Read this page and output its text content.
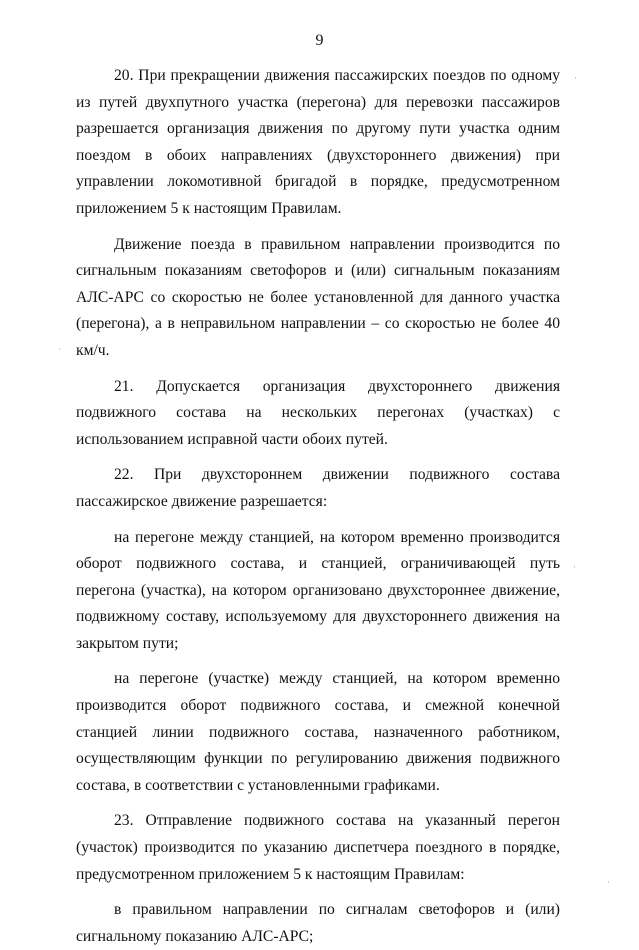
9

20. При прекращении движения пассажирских поездов по одному из путей двухпутного участка (перегона) для перевозки пассажиров разрешается организация движения по другому пути участка одним поездом в обоих направлениях (двухстороннего движения) при управлении локомотивной бригадой в порядке, предусмотренном приложением 5 к настоящим Правилам.

Движение поезда в правильном направлении производится по сигнальным показаниям светофоров и (или) сигнальным показаниям АЛС-АРС со скоростью не более установленной для данного участка (перегона), а в неправильном направлении – со скоростью не более 40 км/ч.

21. Допускается организация двухстороннего движения подвижного состава на нескольких перегонах (участках) с использованием исправной части обоих путей.

22. При двухстороннем движении подвижного состава пассажирское движение разрешается:

на перегоне между станцией, на котором временно производится оборот подвижного состава, и станцией, ограничивающей путь перегона (участка), на котором организовано двухстороннее движение, подвижному составу, используемому для двухстороннего движения на закрытом пути;

на перегоне (участке) между станцией, на котором временно производится оборот подвижного состава, и смежной конечной станцией линии подвижного состава, назначенного работником, осуществляющим функции по регулированию движения подвижного состава, в соответствии с установленными графиками.

23. Отправление подвижного состава на указанный перегон (участок) производится по указанию диспетчера поездного в порядке, предусмотренном приложением 5 к настоящим Правилам:

в правильном направлении по сигналам светофоров и (или) сигнальному показанию АЛС-АРС;

·
·
·
·
